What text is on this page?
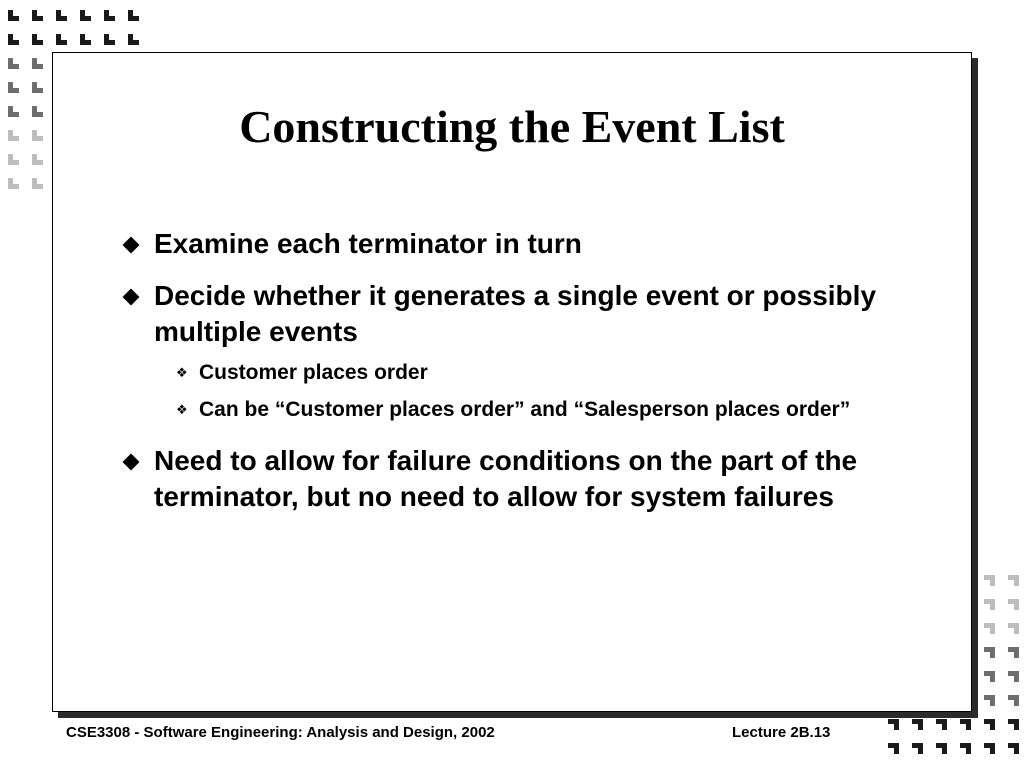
Constructing the Event List
Examine each terminator in turn
Decide whether it generates a single event or possibly multiple events
❖ Customer places order
❖ Can be “Customer places order” and “Salesperson places order”
Need to allow for failure conditions on the part of the terminator, but no need to allow for system failures
CSE3308 - Software Engineering: Analysis and Design, 2002	Lecture 2B.13
